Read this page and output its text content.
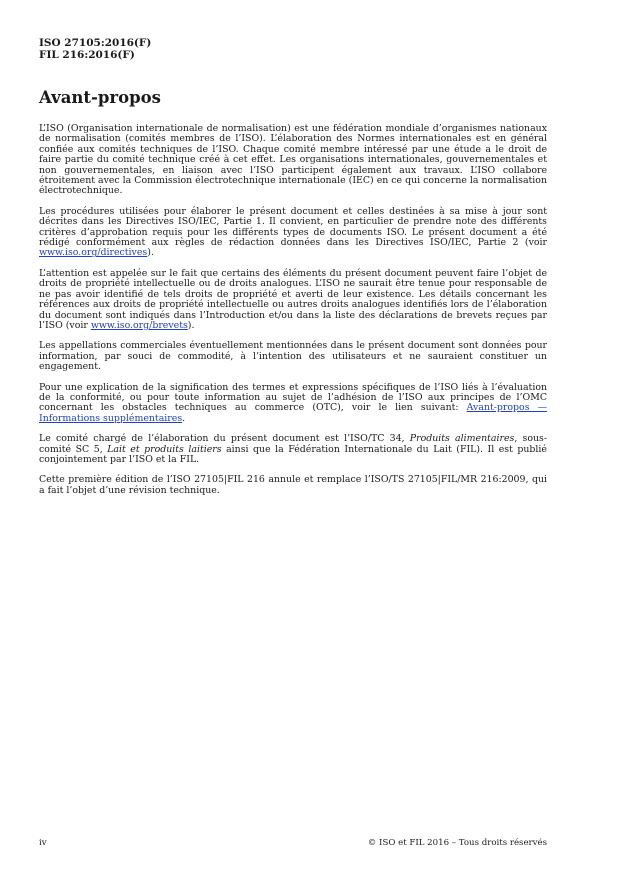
ISO 27105:2016(F)
FIL 216:2016(F)
Avant-propos

L’ISO (Organisation internationale de normalisation) est une fédération mondiale d’organismes nationaux de normalisation (comités membres de l’ISO). L’élaboration des Normes internationales est en général confiée aux comités techniques de l’ISO. Chaque comité membre intéressé par une étude a le droit de faire partie du comité technique créé à cet effet. Les organisations internationales, gouvernementales et non gouvernementales, en liaison avec l’ISO participent également aux travaux. L’ISO collabore étroitement avec la Commission électrotechnique internationale (IEC) en ce qui concerne la normalisation électrotechnique.

Les procédures utilisées pour élaborer le présent document et celles destinées à sa mise à jour sont décrites dans les Directives ISO/IEC, Partie 1. Il convient, en particulier de prendre note des différents critères d’approbation requis pour les différents types de documents ISO. Le présent document a été rédigé conformément aux règles de rédaction données dans les Directives ISO/IEC, Partie 2 (voir www.iso.org/directives).

L’attention est appelée sur le fait que certains des éléments du présent document peuvent faire l’objet de droits de propriété intellectuelle ou de droits analogues. L’ISO ne saurait être tenue pour responsable de ne pas avoir identifié de tels droits de propriété et averti de leur existence. Les détails concernant les références aux droits de propriété intellectuelle ou autres droits analogues identifiés lors de l’élaboration du document sont indiqués dans l’Introduction et/ou dans la liste des déclarations de brevets reçues par l’ISO (voir www.iso.org/brevets).

Les appellations commerciales éventuellement mentionnées dans le présent document sont données pour information, par souci de commodité, à l’intention des utilisateurs et ne sauraient constituer un engagement.

Pour une explication de la signification des termes et expressions spécifiques de l’ISO liés à l’évaluation de la conformité, ou pour toute information au sujet de l’adhésion de l’ISO aux principes de l’OMC concernant les obstacles techniques au commerce (OTC), voir le lien suivant: Avant-propos — Informations supplémentaires.

Le comité chargé de l’élaboration du présent document est l’ISO/TC 34, Produits alimentaires, sous-comité SC 5, Lait et produits laitiers ainsi que la Fédération Internationale du Lait (FIL). Il est publié conjointement par l’ISO et la FIL.

Cette première édition de l’ISO 27105|FIL 216 annule et remplace l’ISO/TS 27105|FIL/MR 216:2009, qui a fait l’objet d’une révision technique.

iv	© ISO et FIL 2016 – Tous droits réservés
